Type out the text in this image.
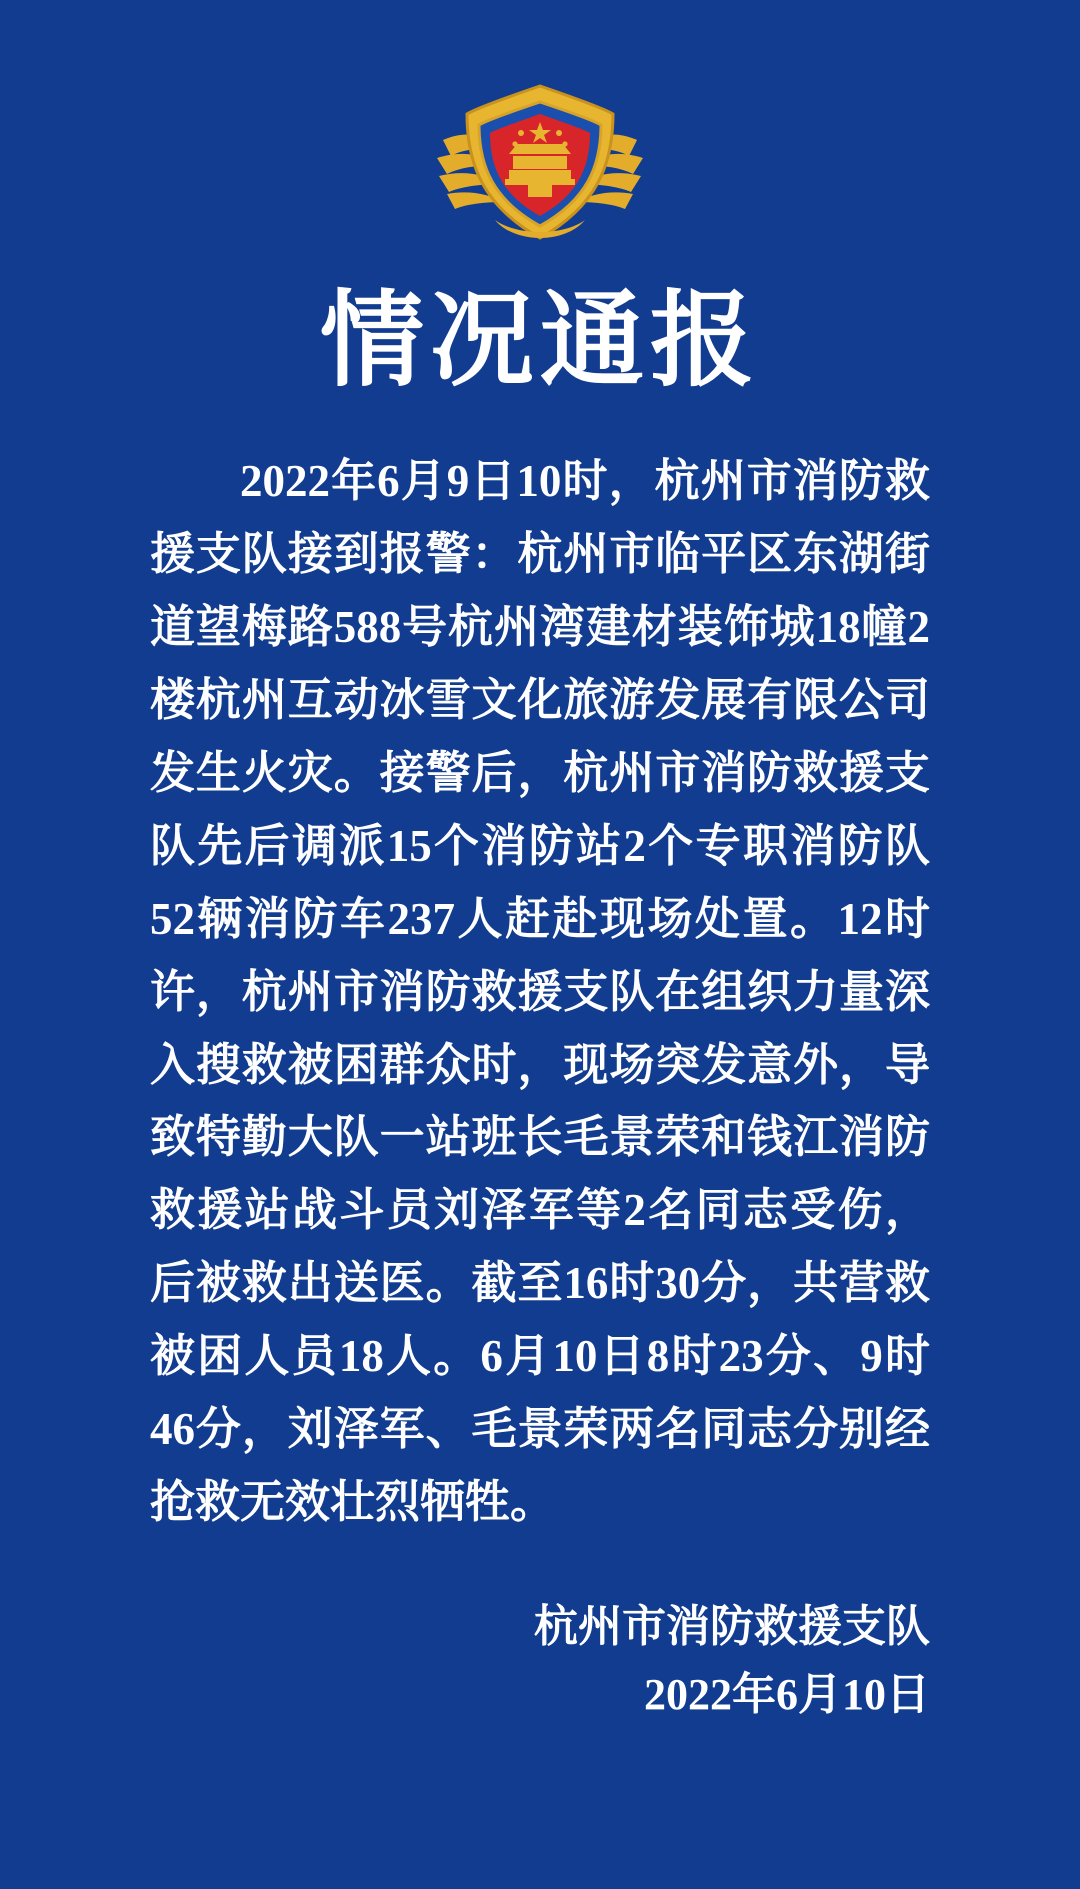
情况通报
2022年6月9日10时，杭州市消防救援支队接到报警：杭州市临平区东湖街道望梅路588号杭州湾建材装饰城18幢2楼杭州互动冰雪文化旅游发展有限公司发生火灾。接警后，杭州市消防救援支队先后调派15个消防站2个专职消防队52辆消防车237人赶赴现场处置。12时许，杭州市消防救援支队在组织力量深入搜救被困群众时，现场突发意外，导致特勤大队一站班长毛景荣和钱江消防救援站战斗员刘泽军等2名同志受伤，后被救出送医。截至16时30分，共营救被困人员18人。6月10日8时23分、9时46分，刘泽军、毛景荣两名同志分别经抢救无效壮烈牺牲。
杭州市消防救援支队
2022年6月10日
